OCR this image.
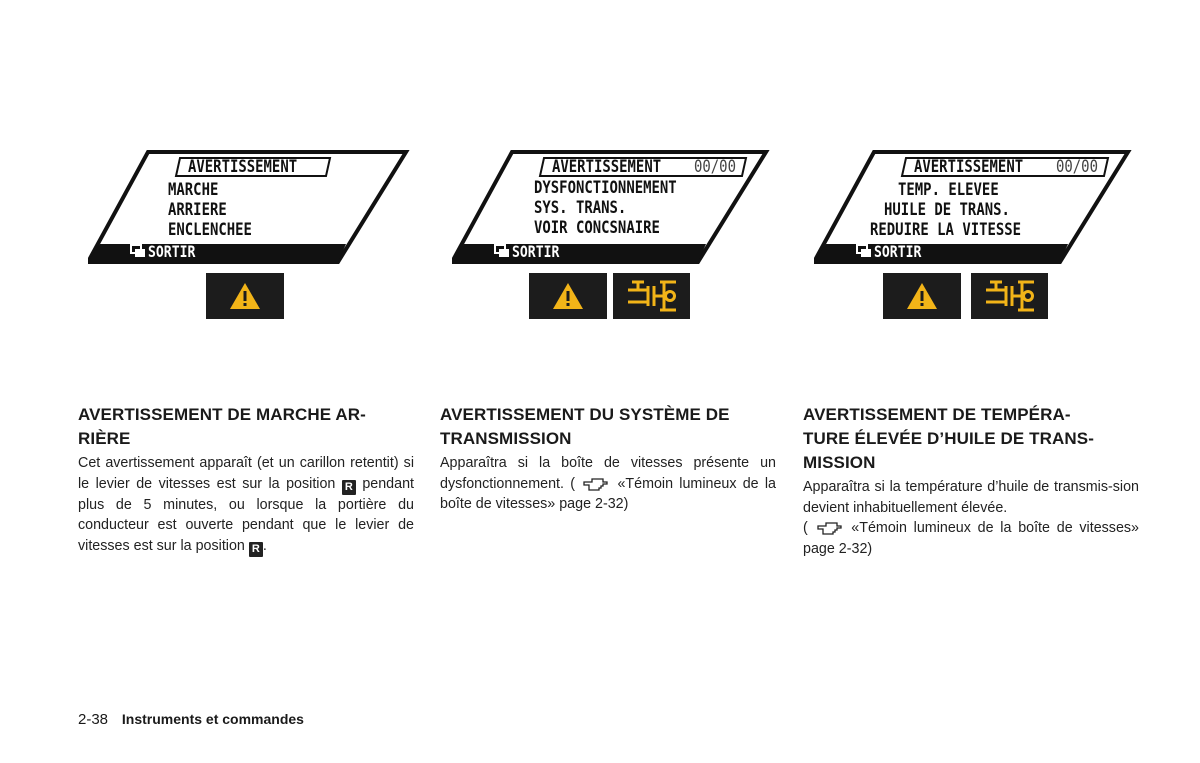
AVERTISSEMENT
MARCHE
ARRIERE
ENCLENCHEE
SORTIR
AVERTISSEMENT 00/00
DYSFONCTIONNEMENT
SYS. TRANS.
VOIR CONCSNAIRE
SORTIR
AVERTISSEMENT 00/00
TEMP. ELEVEE
HUILE DE TRANS.
REDUIRE LA VITESSE
SORTIR
AVERTISSEMENT DE MARCHE AR-
RIÈRE

Cet avertissement apparaît (et un carillon retentit) si le levier de vitesses est sur la position R pendant plus de 5 minutes, ou lorsque la portière du conducteur est ouverte pendant que le levier de vitesses est sur la position R .

AVERTISSEMENT DU SYSTÈME DE
TRANSMISSION

Apparaîtra si la boîte de vitesses présente un dysfonctionnement. (	«Témoin lumineux de la boîte de vitesses» page 2-32)

AVERTISSEMENT DE TEMPÉRA-
TURE ÉLEVÉE D’HUILE DE TRANS-
MISSION

Apparaîtra si la température d’huile de transmis-sion devient inhabituellement élevée.
(	«Témoin lumineux de la boîte de vitesses» page 2-32)

2-38 Instruments et commandes
